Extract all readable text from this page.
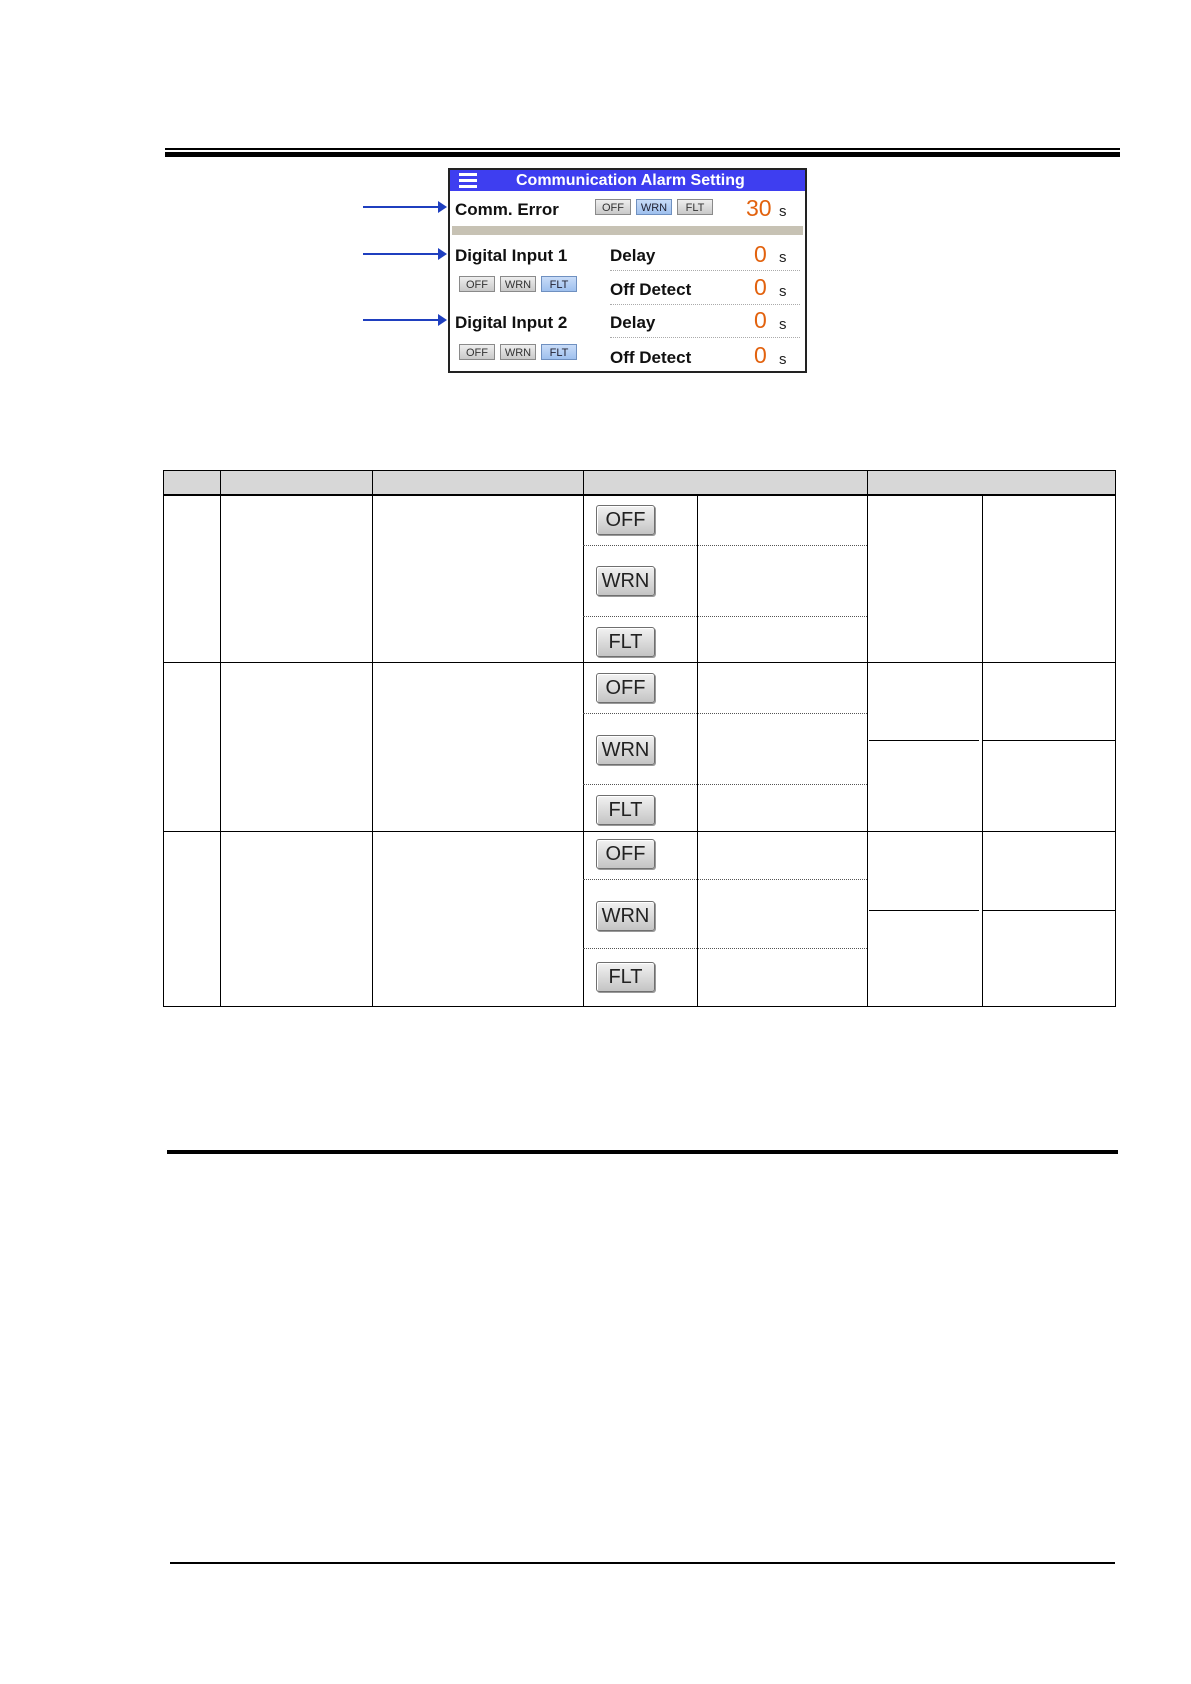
Communication Alarm Setting
Comm. Error	OFF	WRN	FLT	30 s
Digital Input 1	Delay	0 s
OFF	WRN	FLT	Off Detect	0 s
Digital Input 2	Delay	0 s
OFF	WRN	FLT	Off Detect	0 s
OFF
WRN
FLT
OFF
WRN
FLT
OFF
WRN
FLT
